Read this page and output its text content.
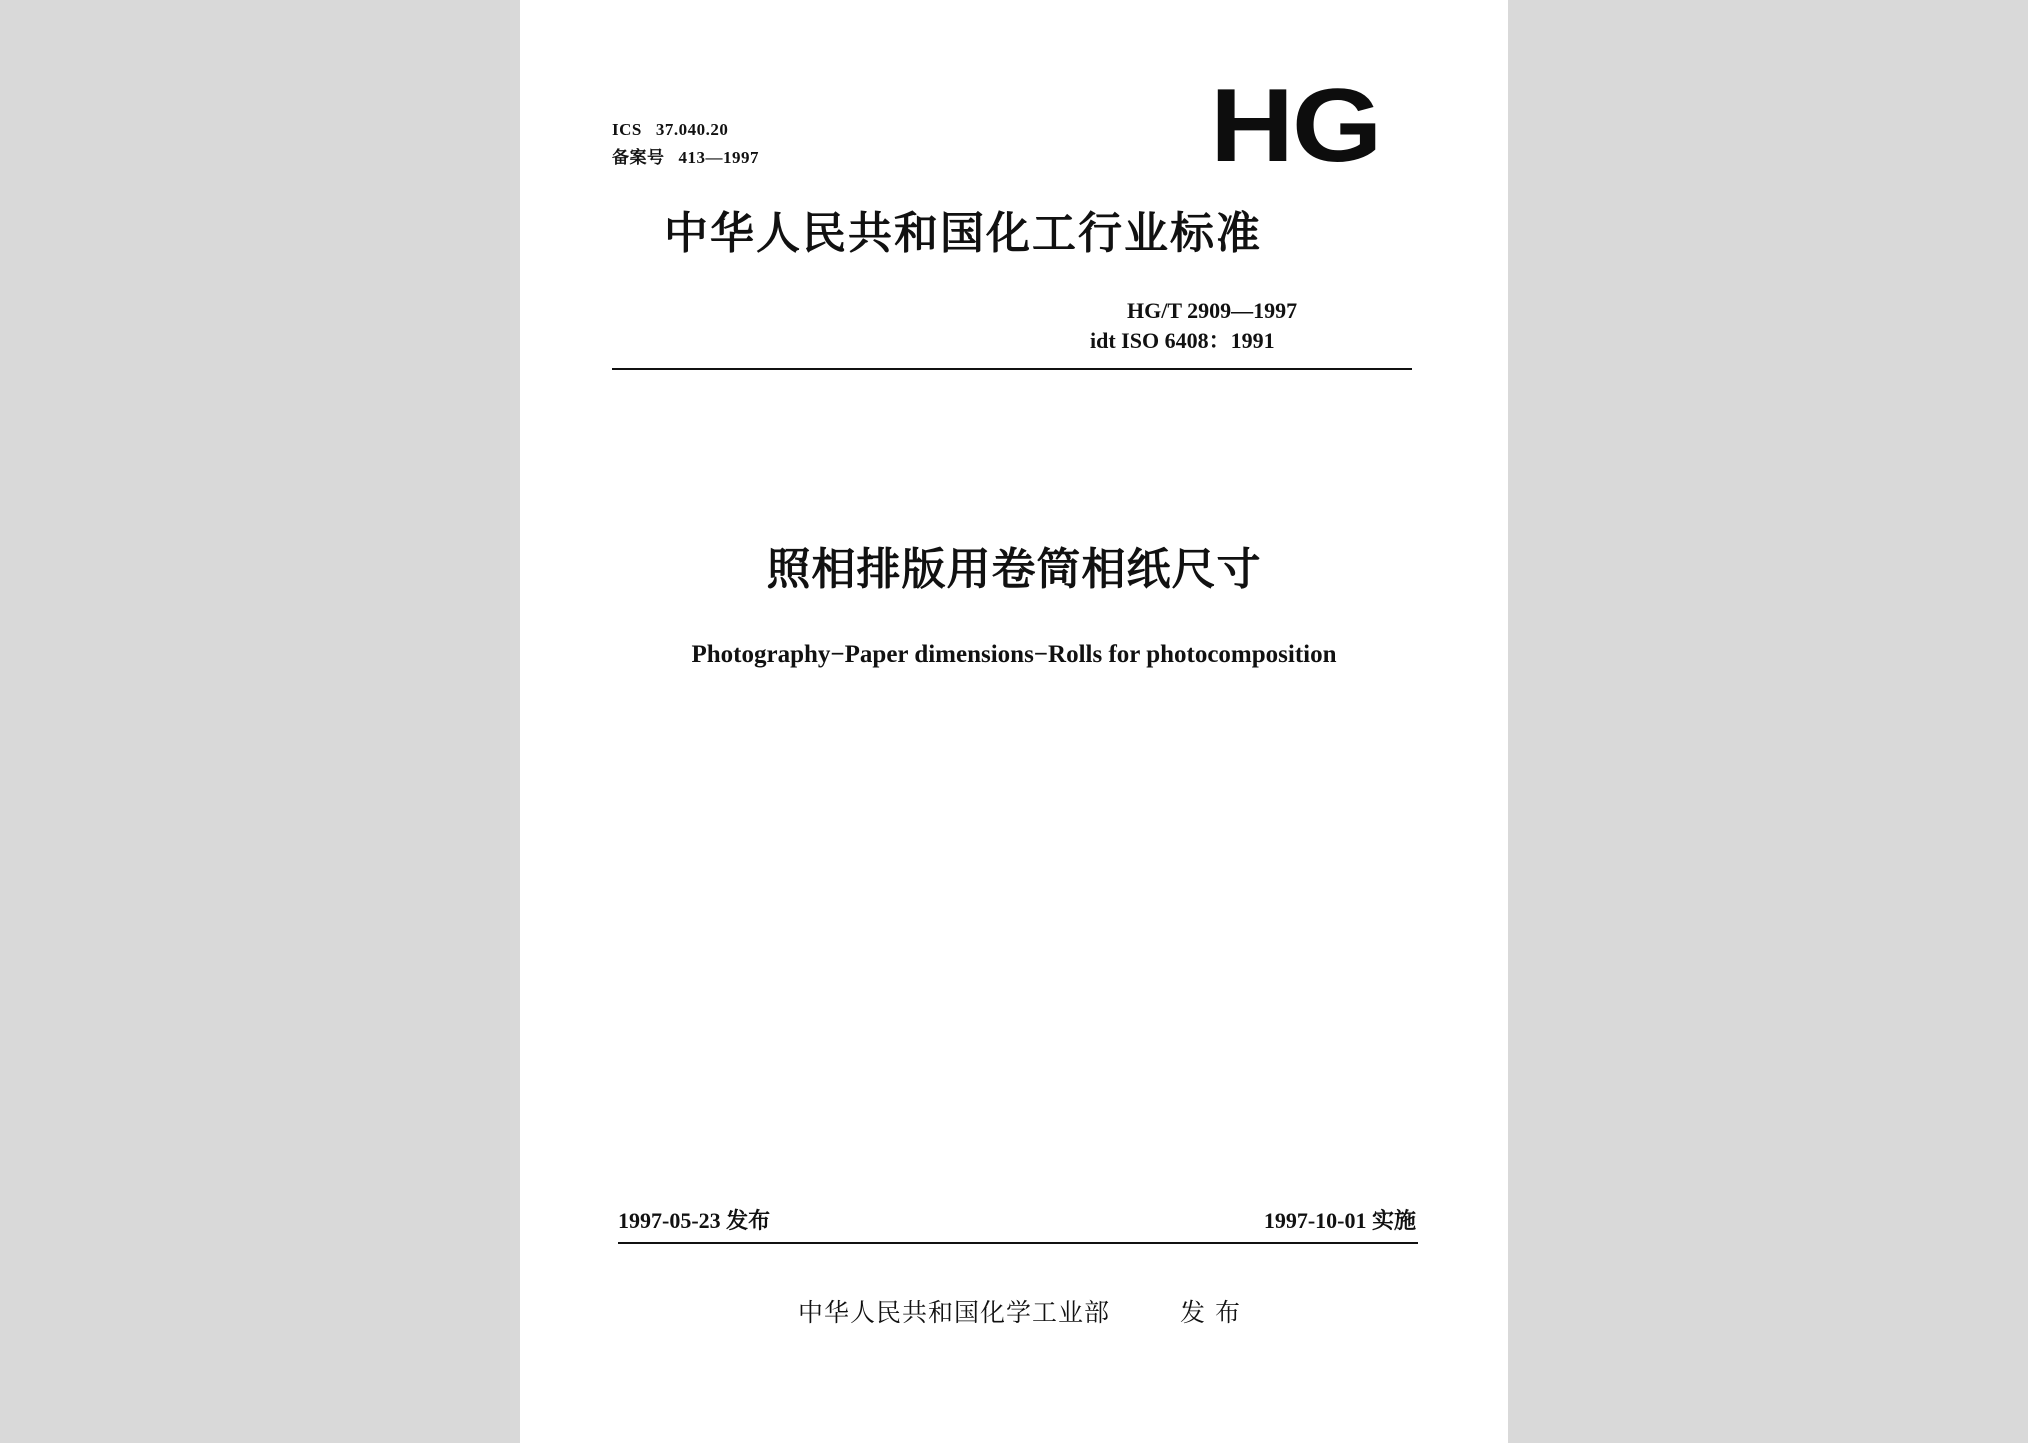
ICS 37.040.20
备案号 413—1997	HG
中华人民共和国化工行业标准
HG/T 2909—1997
idt ISO 6408：1991
照相排版用卷筒相纸尺寸
Photography−Paper dimensions−Rolls for photocomposition
1997-05-23 发布	1997-10-01 实施
中华人民共和国化学工业部	发布
